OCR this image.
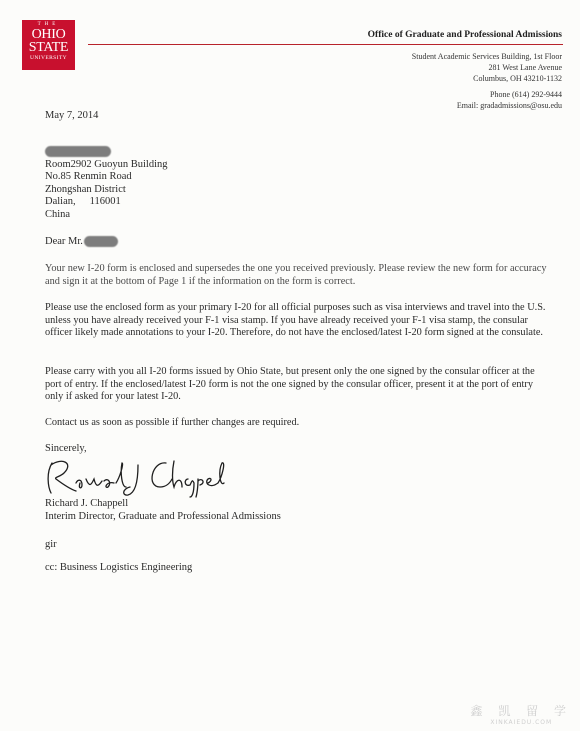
THE
OHIO
STATE
UNIVERSITY
Office of Graduate and Professional Admissions
Student Academic Services Building, 1st Floor
281 West Lane Avenue
Columbus, OH 43210-1132
Phone (614) 292-9444
Email: gradadmissions@osu.edu
May 7, 2014
Room2902 Guoyun Building
No.85 Renmin Road
Zhongshan District
Dalian, 116001
China
Dear Mr.

Your new I-20 form is enclosed and supersedes the one you received previously. Please review the new form for accuracy and sign it at the bottom of Page 1 if the information on the form is correct.

Please use the enclosed form as your primary I-20 for all official purposes such as visa interviews and travel into the U.S. unless you have already received your F-1 visa stamp. If you have already received your F-1 visa stamp, the consular officer likely made annotations to your I-20. Therefore, do not have the enclosed/latest I-20 form signed at the consulate.

Please carry with you all I-20 forms issued by Ohio State, but present only the one signed by the consular officer at the port of entry. If the enclosed/latest I-20 form is not the one signed by the consular officer, present it at the port of entry only if asked for your latest I-20.

Contact us as soon as possible if further changes are required.

Sincerely,
Richard J. Chappell
Interim Director, Graduate and Professional Admissions
gir
cc: Business Logistics Engineering
鑫 凯 留 学
XINKAIEDU.COM
